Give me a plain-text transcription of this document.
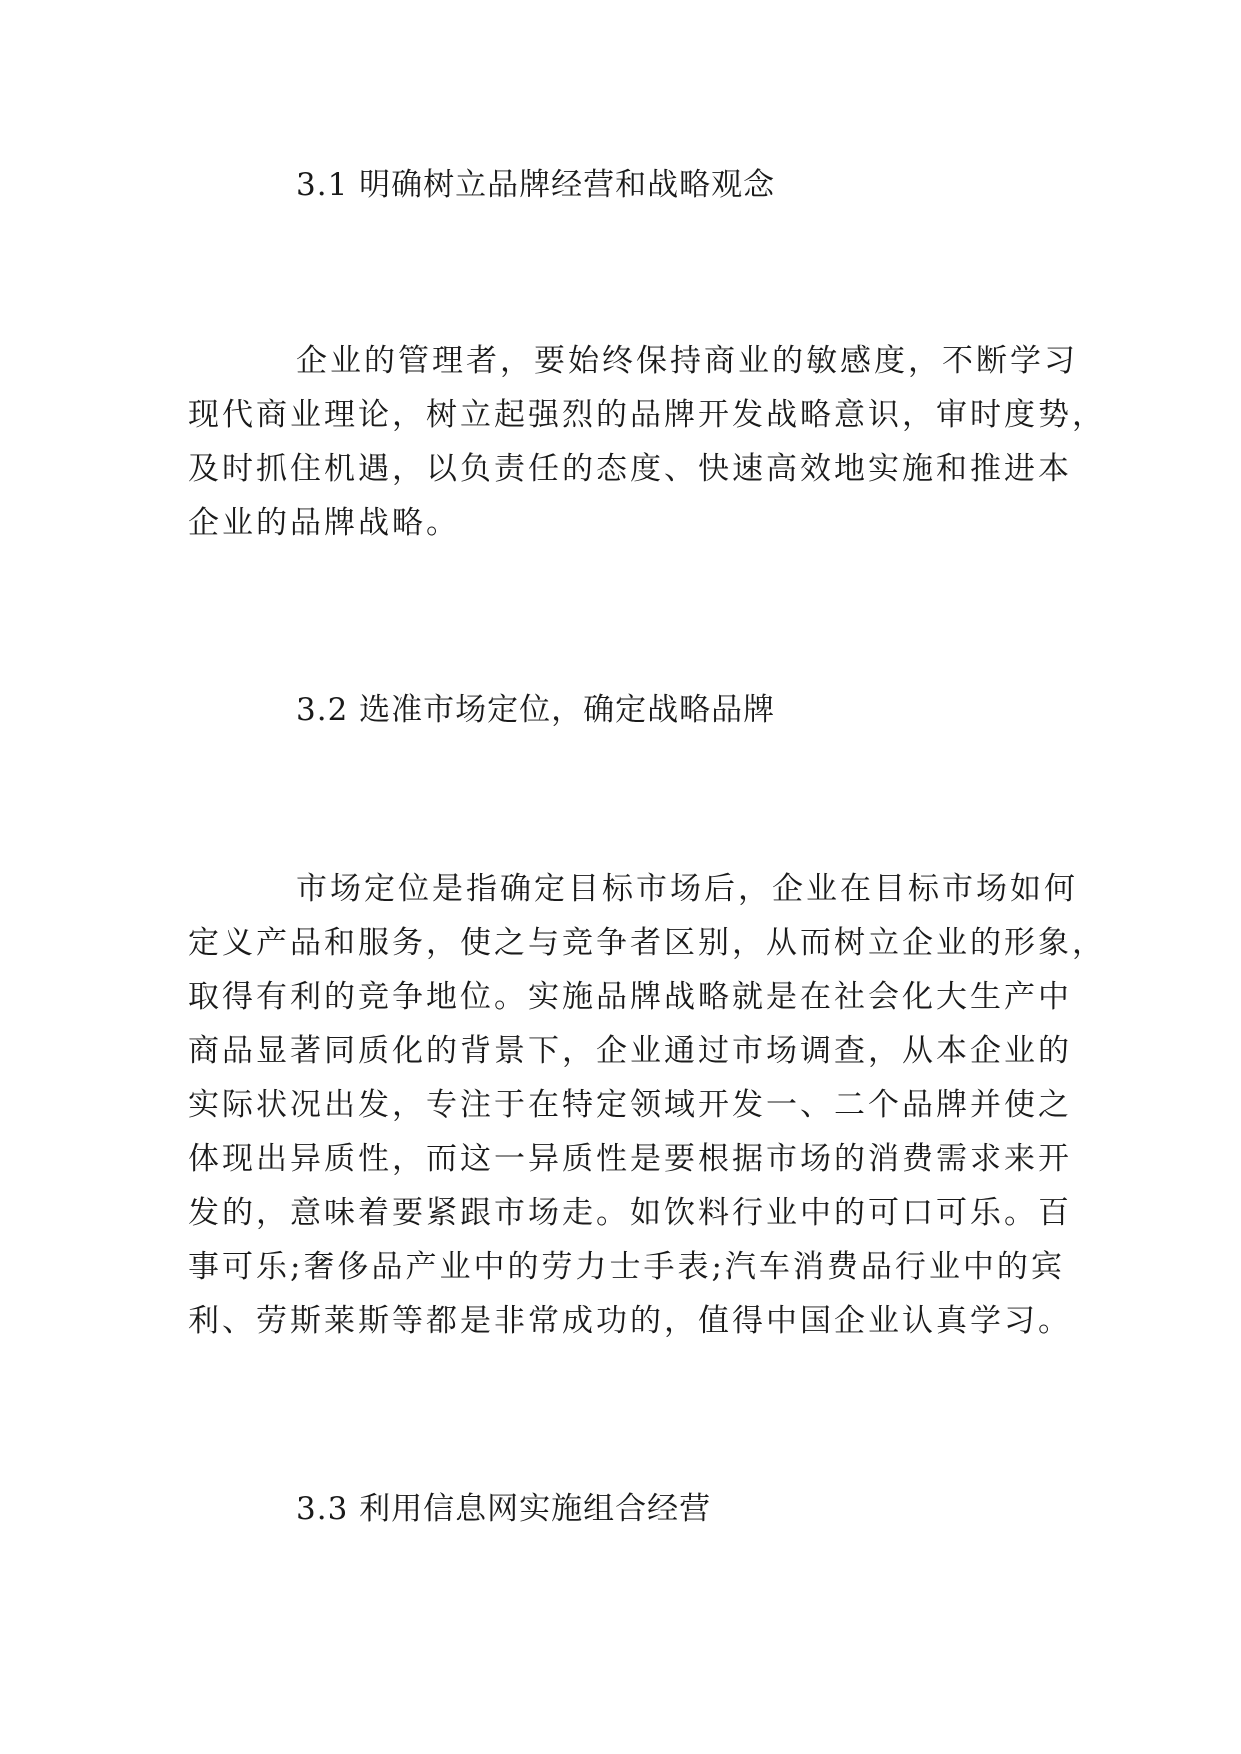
3.1 明确树立品牌经营和战略观念
企业的管理者，要始终保持商业的敏感度，不断学习
现代商业理论，树立起强烈的品牌开发战略意识，审时度势，
及时抓住机遇，以负责任的态度、快速高效地实施和推进本
企业的品牌战略。
3.2 选准市场定位，确定战略品牌
市场定位是指确定目标市场后，企业在目标市场如何
定义产品和服务，使之与竞争者区别，从而树立企业的形象，
取得有利的竞争地位。实施品牌战略就是在社会化大生产中
商品显著同质化的背景下，企业通过市场调查，从本企业的
实际状况出发，专注于在特定领域开发一、二个品牌并使之
体现出异质性，而这一异质性是要根据市场的消费需求来开
发的，意味着要紧跟市场走。如饮料行业中的可口可乐。百
事可乐;奢侈品产业中的劳力士手表;汽车消费品行业中的宾
利、劳斯莱斯等都是非常成功的，值得中国企业认真学习。
3.3 利用信息网实施组合经营
